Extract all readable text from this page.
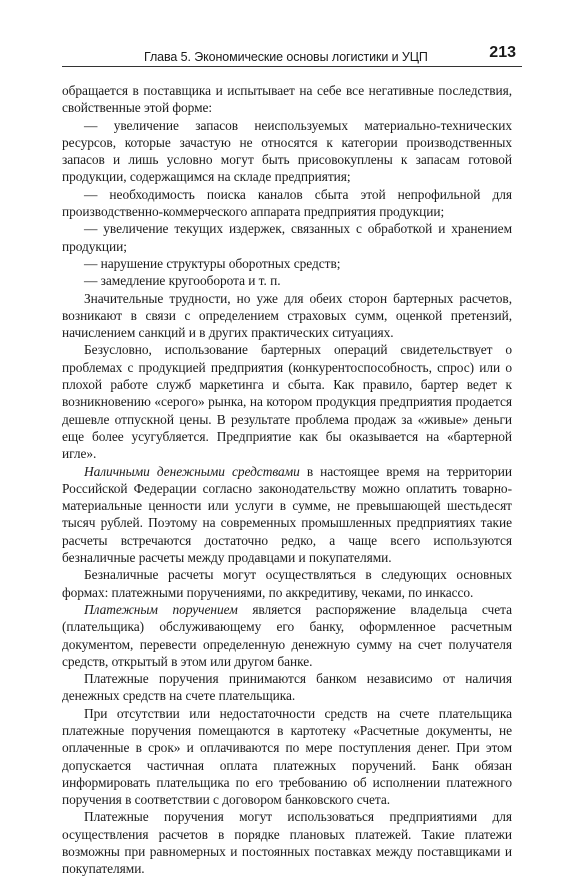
Глава 5. Экономические основы логистики и УЦП	213

обращается в поставщика и испытывает на себе все негативные последствия, свойственные этой форме:

— увеличение запасов неиспользуемых материально-технических ресурсов, которые зачастую не относятся к категории производственных запасов и лишь условно могут быть присовокуплены к запасам готовой продукции, содержащимся на складе предприятия;

— необходимость поиска каналов сбыта этой непрофильной для производственно-коммерческого аппарата предприятия продукции;

— увеличение текущих издержек, связанных с обработкой и хранением продукции;

— нарушение структуры оборотных средств;

— замедление кругооборота и т. п.

Значительные трудности, но уже для обеих сторон бартерных расчетов, возникают в связи с определением страховых сумм, оценкой претензий, начислением санкций и в других практических ситуациях.

Безусловно, использование бартерных операций свидетельствует о проблемах с продукцией предприятия (конкурентоспособность, спрос) или о плохой работе служб маркетинга и сбыта. Как правило, бартер ведет к возникновению «серого» рынка, на котором продукция предприятия продается дешевле отпускной цены. В результате проблема продаж за «живые» деньги еще более усугубляется. Предприятие как бы оказывается на «бартерной игле».

Наличными денежными средствами в настоящее время на территории Российской Федерации согласно законодательству можно оплатить товарно-материальные ценности или услуги в сумме, не превышающей шестьдесят тысяч рублей. Поэтому на современных промышленных предприятиях такие расчеты встречаются достаточно редко, а чаще всего используются безналичные расчеты между продавцами и покупателями.

Безналичные расчеты могут осуществляться в следующих основных формах: платежными поручениями, по аккредитиву, чеками, по инкассо.

Платежным поручением является распоряжение владельца счета (плательщика) обслуживающему его банку, оформленное расчетным документом, перевести определенную денежную сумму на счет получателя средств, открытый в этом или другом банке.

Платежные поручения принимаются банком независимо от наличия денежных средств на счете плательщика.

При отсутствии или недостаточности средств на счете плательщика платежные поручения помещаются в картотеку «Расчетные документы, не оплаченные в срок» и оплачиваются по мере поступления денег. При этом допускается частичная оплата платежных поручений. Банк обязан информировать плательщика по его требованию об исполнении платежного поручения в соответствии с договором банковского счета.

Платежные поручения могут использоваться предприятиями для осуществления расчетов в порядке плановых платежей. Такие платежи возможны при равномерных и постоянных поставках между поставщиками и покупателями.
